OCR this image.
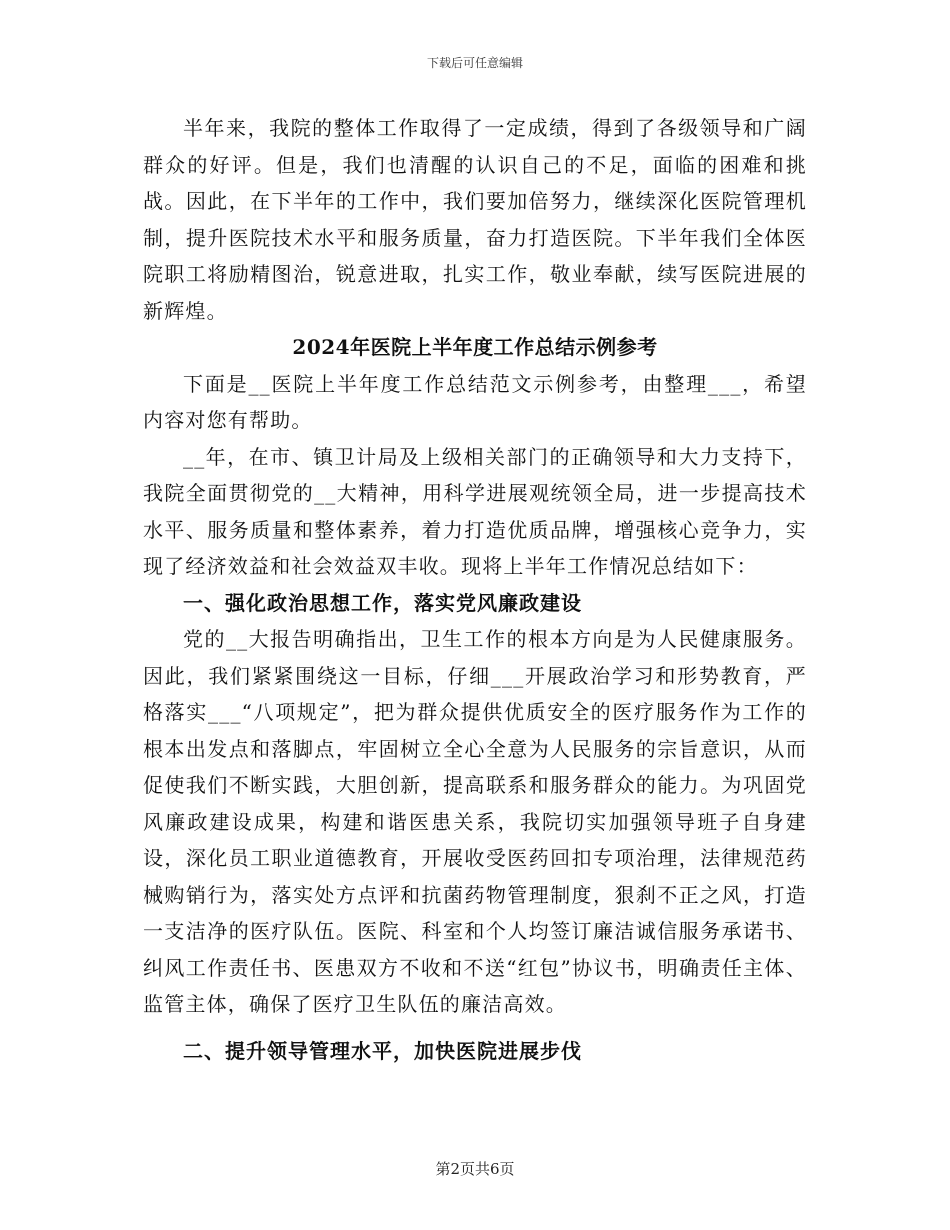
下载后可任意编辑

半年来，我院的整体工作取得了一定成绩，得到了各级领导和广阔群众的好评。但是，我们也清醒的认识自己的不足，面临的困难和挑战。因此，在下半年的工作中，我们要加倍努力，继续深化医院管理机制，提升医院技术水平和服务质量，奋力打造医院。下半年我们全体医院职工将励精图治，锐意进取，扎实工作，敬业奉献，续写医院进展的新辉煌。

2024年医院上半年度工作总结示例参考

下面是__医院上半年度工作总结范文示例参考，由整理___，希望内容对您有帮助。

__年，在市、镇卫计局及上级相关部门的正确领导和大力支持下，我院全面贯彻党的__大精神，用科学进展观统领全局，进一步提高技术水平、服务质量和整体素养，着力打造优质品牌，增强核心竞争力，实现了经济效益和社会效益双丰收。现将上半年工作情况总结如下：

一、强化政治思想工作，落实党风廉政建设

党的__大报告明确指出，卫生工作的根本方向是为人民健康服务。因此，我们紧紧围绕这一目标，仔细___开展政治学习和形势教育，严格落实___“八项规定”，把为群众提供优质安全的医疗服务作为工作的根本出发点和落脚点，牢固树立全心全意为人民服务的宗旨意识，从而促使我们不断实践，大胆创新，提高联系和服务群众的能力。为巩固党风廉政建设成果，构建和谐医患关系，我院切实加强领导班子自身建设，深化员工职业道德教育，开展收受医药回扣专项治理，法律规范药械购销行为，落实处方点评和抗菌药物管理制度，狠刹不正之风，打造一支洁净的医疗队伍。医院、科室和个人均签订廉洁诚信服务承诺书、纠风工作责任书、医患双方不收和不送“红包”协议书，明确责任主体、监管主体，确保了医疗卫生队伍的廉洁高效。

二、提升领导管理水平，加快医院进展步伐
第2页共6页
